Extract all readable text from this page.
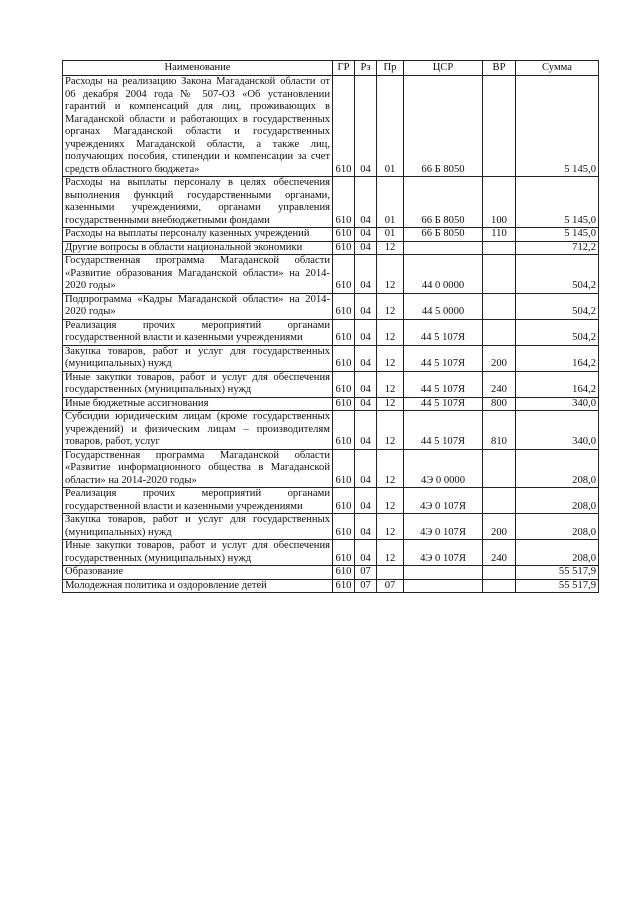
Наименование	ГР	Рз	Пр	ЦСР	ВР	Сумма
Расходы на реализацию Закона Магаданской области от 06 декабря 2004 года № 507-ОЗ «Об установлении гарантий и компенсаций для лиц, проживающих в Магаданской области и работающих в государственных органах Магаданской области и государственных учреждениях Магаданской области, а также лиц, получающих пособия, стипендии и компенсации за счет средств областного бюджета»	610	04	01	66 Б 8050		5 145,0
Расходы на выплаты персоналу в целях обеспечения выполнения функций государственными органами, казенными учреждениями, органами управления государственными внебюджетными фондами	610	04	01	66 Б 8050	100	5 145,0
Расходы на выплаты персоналу казенных учреждений	610	04	01	66 Б 8050	110	5 145,0
Другие вопросы в области национальной экономики	610	04	12			712,2
Государственная программа Магаданской области «Развитие образования Магаданской области» на 2014-2020 годы»	610	04	12	44 0 0000		504,2
Подпрограмма «Кадры Магаданской области» на 2014-2020 годы»	610	04	12	44 5 0000		504,2
Реализация прочих мероприятий органами государственной власти и казенными учреждениями	610	04	12	44 5 107Я		504,2
Закупка товаров, работ и услуг для государственных (муниципальных) нужд	610	04	12	44 5 107Я	200	164,2
Иные закупки товаров, работ и услуг для обеспечения государственных (муниципальных) нужд	610	04	12	44 5 107Я	240	164,2
Иные бюджетные ассигнования	610	04	12	44 5 107Я	800	340,0
Субсидии юридическим лицам (кроме государственных учреждений) и физическим лицам – производителям товаров, работ, услуг	610	04	12	44 5 107Я	810	340,0
Государственная программа Магаданской области «Развитие информационного общества в Магаданской области» на 2014-2020 годы»	610	04	12	4Э 0 0000		208,0
Реализация прочих мероприятий органами государственной власти и казенными учреждениями	610	04	12	4Э 0 107Я		208,0
Закупка товаров, работ и услуг для государственных (муниципальных) нужд	610	04	12	4Э 0 107Я	200	208,0
Иные закупки товаров, работ и услуг для обеспечения государственных (муниципальных) нужд	610	04	12	4Э 0 107Я	240	208,0
Образование	610	07				55 517,9
Молодежная политика и оздоровление детей	610	07	07			55 517,9
